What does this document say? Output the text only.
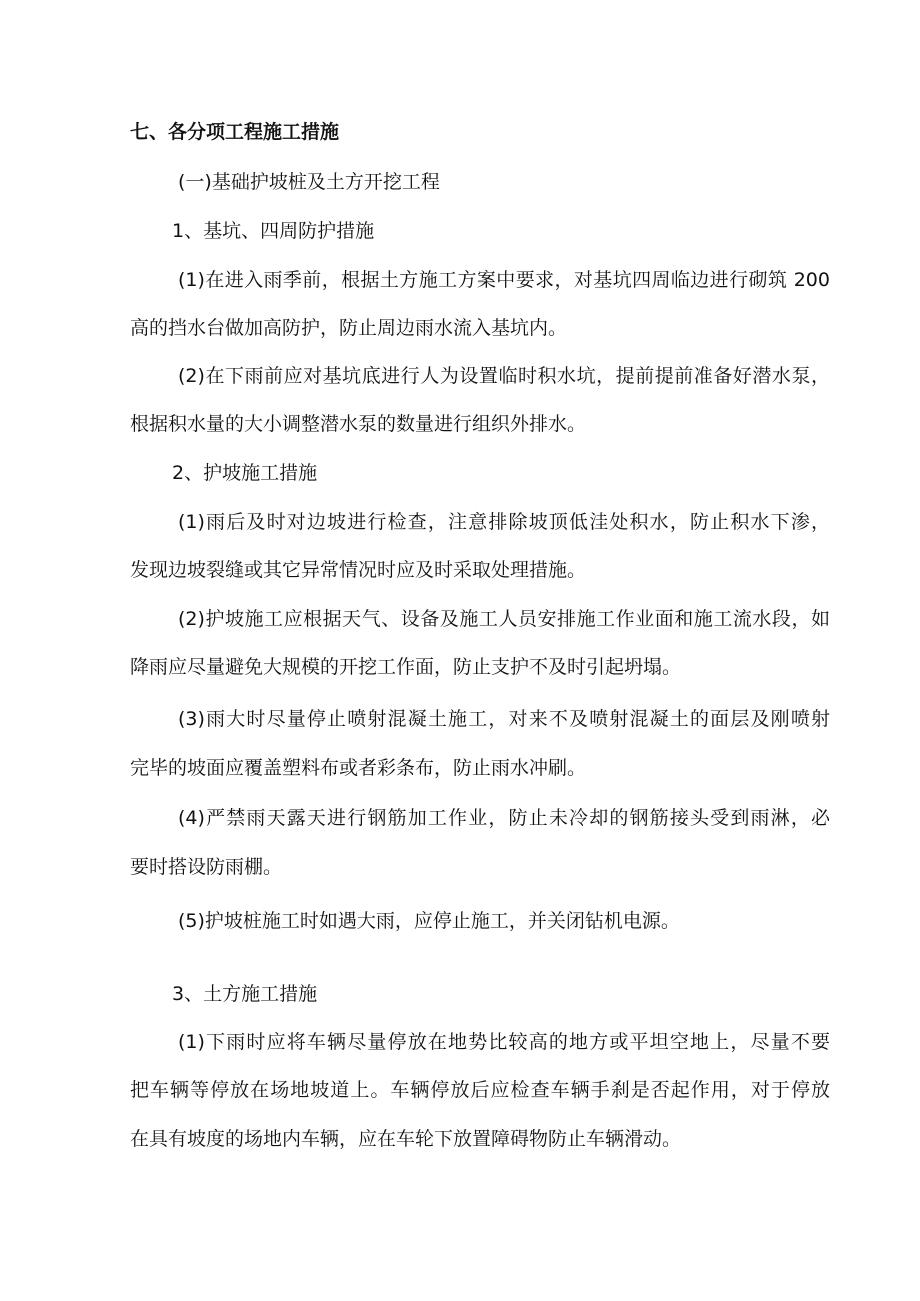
七、各分项工程施工措施

(一)基础护坡桩及土方开挖工程

1、基坑、四周防护措施

(1)在进入雨季前，根据土方施工方案中要求，对基坑四周临边进行砌筑 200

高的挡水台做加高防护，防止周边雨水流入基坑内。

(2)在下雨前应对基坑底进行人为设置临时积水坑，提前提前准备好潜水泵，

根据积水量的大小调整潜水泵的数量进行组织外排水。

2、护坡施工措施

(1)雨后及时对边坡进行检查，注意排除坡顶低洼处积水，防止积水下渗，

发现边坡裂缝或其它异常情况时应及时采取处理措施。

(2)护坡施工应根据天气、设备及施工人员安排施工作业面和施工流水段，如

降雨应尽量避免大规模的开挖工作面，防止支护不及时引起坍塌。

(3)雨大时尽量停止喷射混凝土施工，对来不及喷射混凝土的面层及刚喷射

完毕的坡面应覆盖塑料布或者彩条布，防止雨水冲刷。

(4)严禁雨天露天进行钢筋加工作业，防止未冷却的钢筋接头受到雨淋，必

要时搭设防雨棚。

(5)护坡桩施工时如遇大雨，应停止施工，并关闭钻机电源。

3、土方施工措施

(1)下雨时应将车辆尽量停放在地势比较高的地方或平坦空地上，尽量不要

把车辆等停放在场地坡道上。车辆停放后应检查车辆手刹是否起作用，对于停放

在具有坡度的场地内车辆，应在车轮下放置障碍物防止车辆滑动。
